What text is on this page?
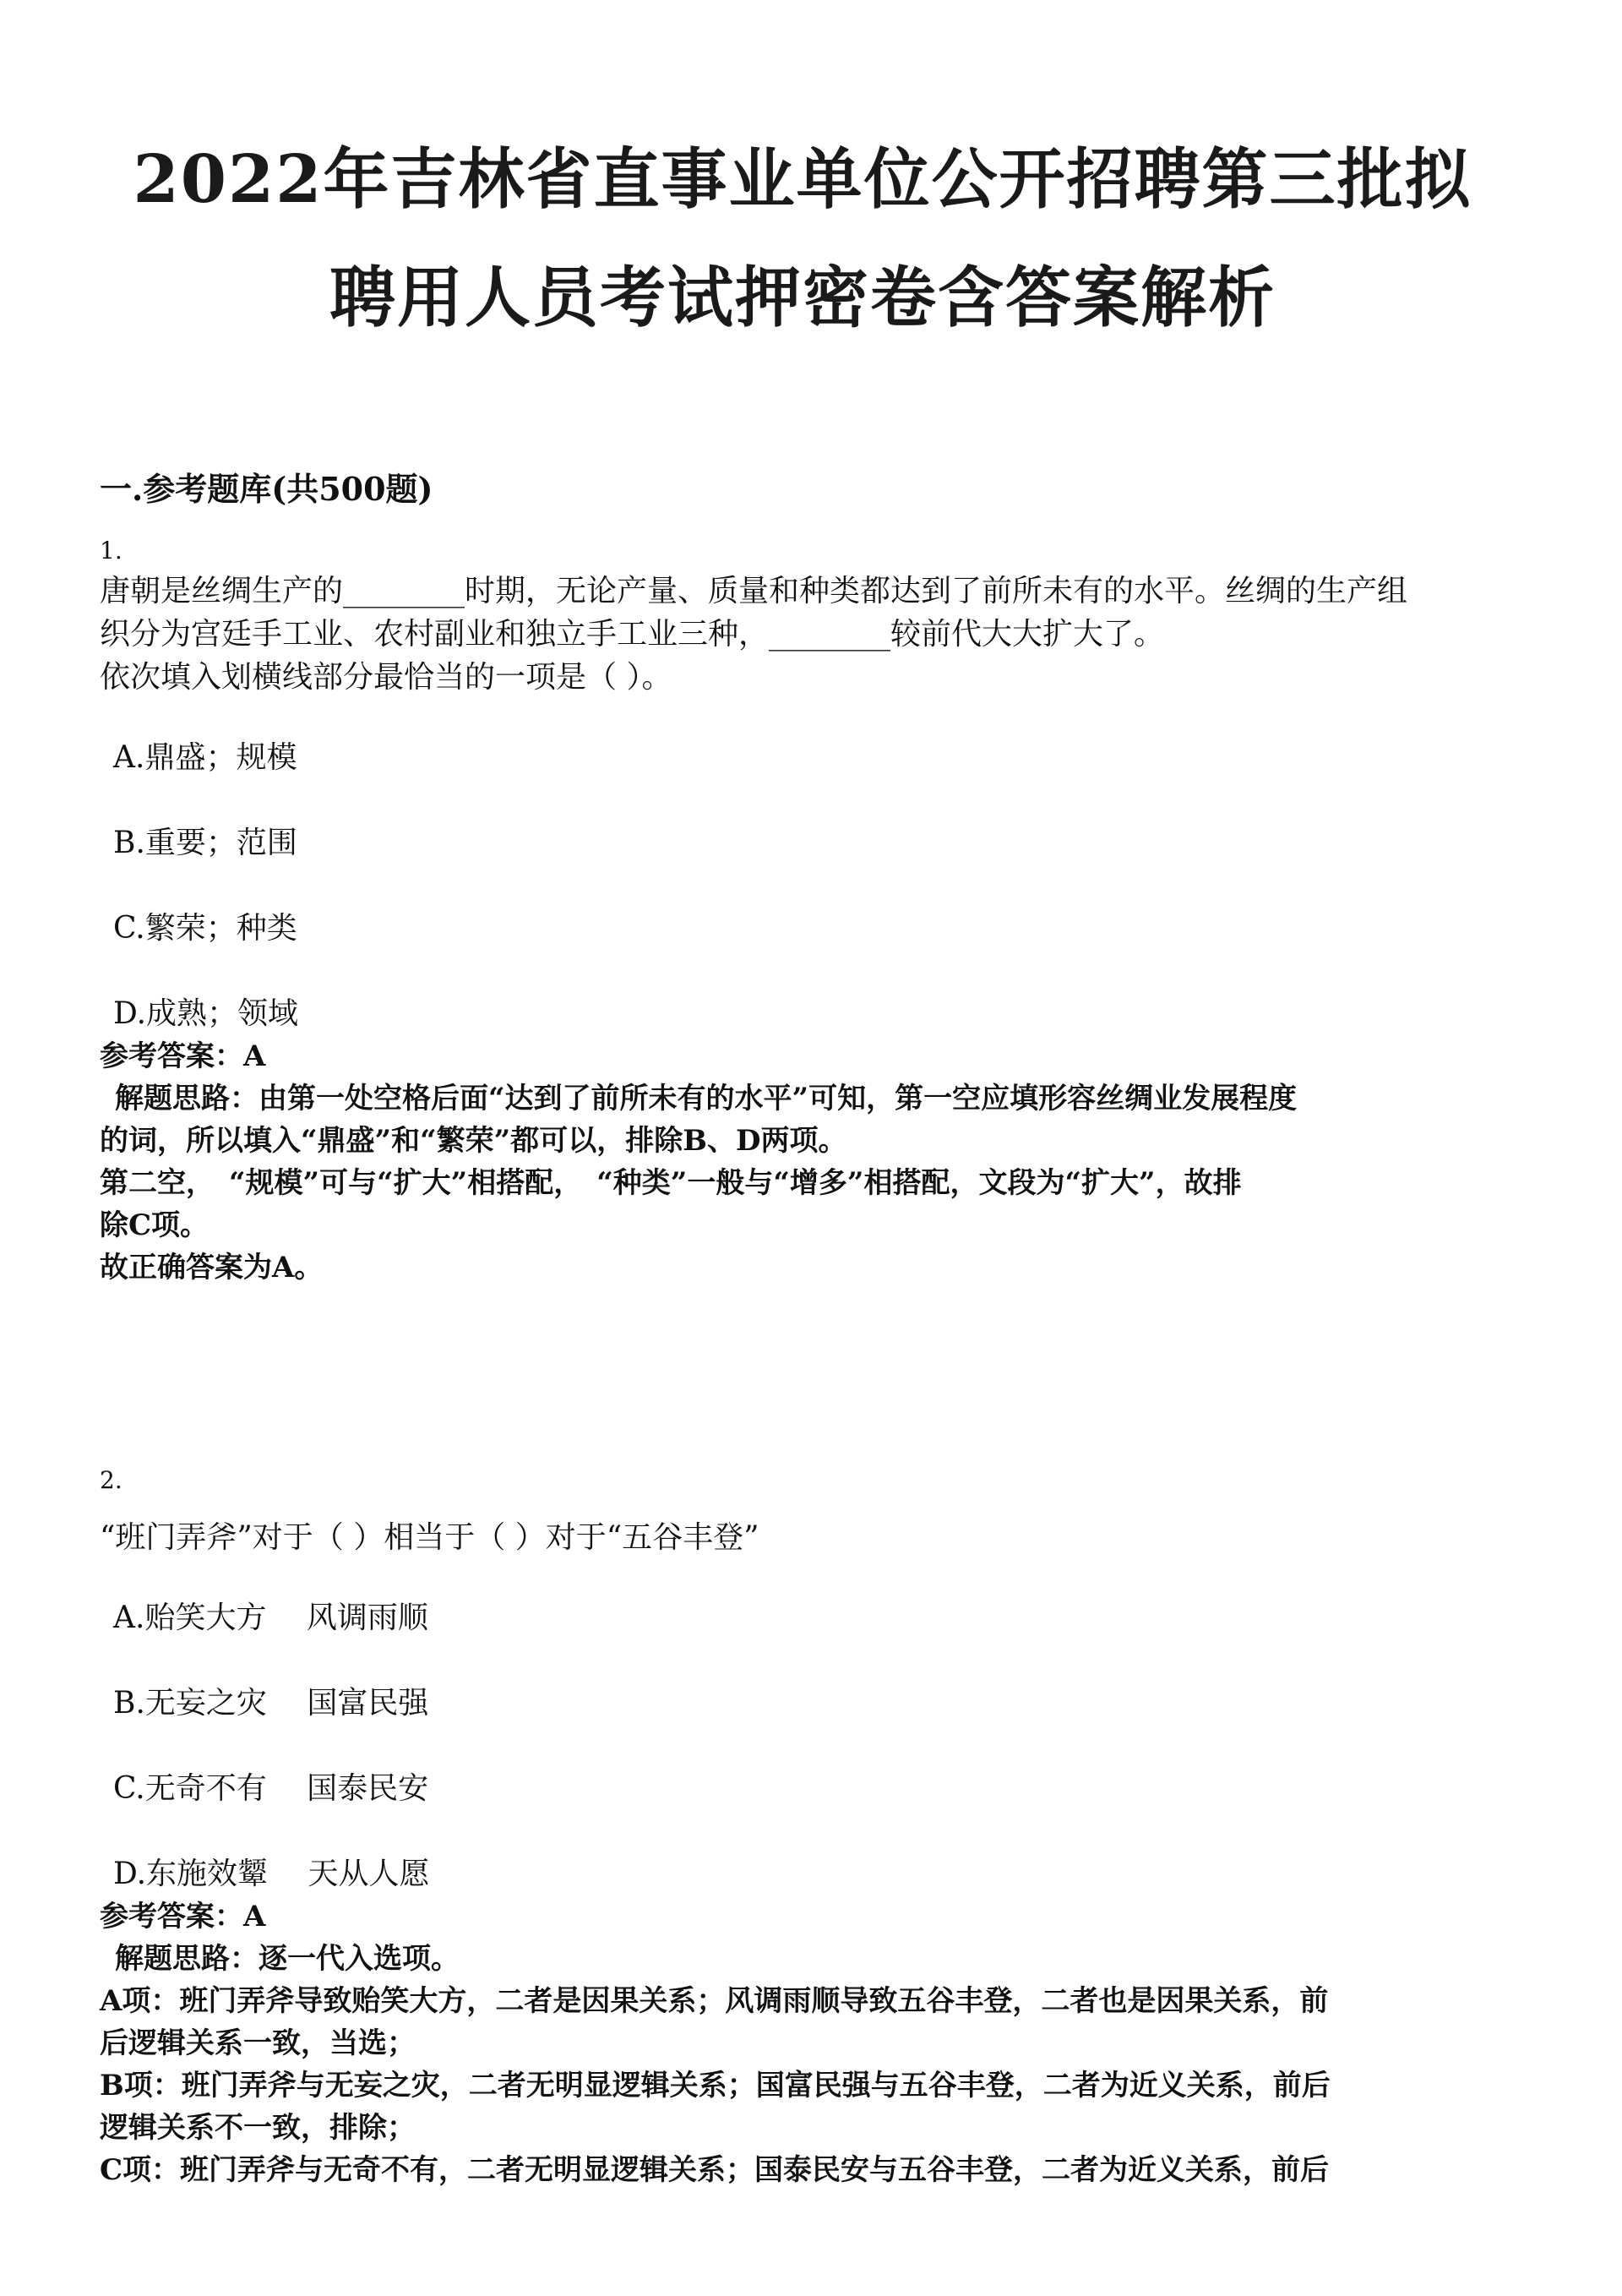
2022年吉林省直事业单位公开招聘第三批拟
聘用人员考试押密卷含答案解析
一.参考题库(共500题)
1.
唐朝是丝绸生产的________时期，无论产量、质量和种类都达到了前所未有的水平。丝绸的生产组
织分为宫廷手工业、农村副业和独立手工业三种，________较前代大大扩大了。
依次填入划横线部分最恰当的一项是（ ）。
A.鼎盛；规模
B.重要；范围
C.繁荣；种类
D.成熟；领域
参考答案：A
解题思路：由第一处空格后面“达到了前所未有的水平”可知，第一空应填形容丝绸业发展程度
的词，所以填入“鼎盛”和“繁荣”都可以，排除B、D两项。
第二空，　“规模”可与“扩大”相搭配，　“种类”一般与“增多”相搭配，文段为“扩大”，故排
除C项。
故正确答案为A。
2.
“班门弄斧”对于（ ）相当于（ ）对于“五谷丰登”
A.贻笑大方　 风调雨顺
B.无妄之灾　 国富民强
C.无奇不有　 国泰民安
D.东施效颦　 天从人愿
参考答案：A
解题思路：逐一代入选项。
A项：班门弄斧导致贻笑大方，二者是因果关系；风调雨顺导致五谷丰登，二者也是因果关系，前
后逻辑关系一致，当选；
B项：班门弄斧与无妄之灾，二者无明显逻辑关系；国富民强与五谷丰登，二者为近义关系，前后
逻辑关系不一致，排除；
C项：班门弄斧与无奇不有，二者无明显逻辑关系；国泰民安与五谷丰登，二者为近义关系，前后
